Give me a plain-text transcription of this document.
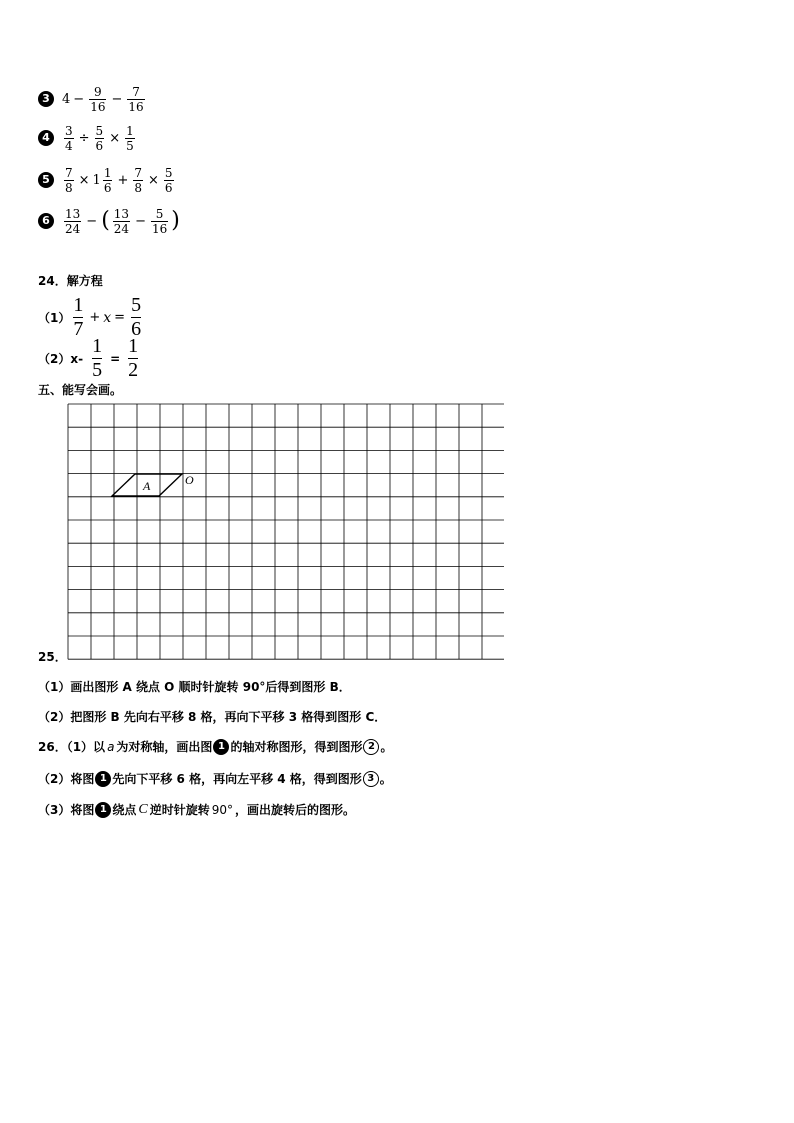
3 $4 - \frac{9}{16} - \frac{7}{16}$
4	$\frac{3}{4} \div \frac{5}{6} \times \frac{1}{5}$
5	$\frac{7}{8} \times 1 \frac{1}{6} + \frac{7}{8} \times \frac{5}{6}$
6	$\frac{13}{24}$ − ( $\frac{13}{24} - \frac{5}{16}$ )
24．解方程
（1）
1
7
+ $x = \frac{5}{6}$
（2） $x- \frac{1}{5} = \frac{1}{2}$
五、能写会画。
A	O
25．
（1）画出图形 A 绕点 O 顺时针旋转 90°后得到图形 B．
（2）把图形 B 先向右平移 8 格，再向下平移 3 格得到图形 C．
26．（1）以 a 为对称轴，画出图 1 的轴对称图形，得到图形 2 。
（2）将图 1 先向下平移 6 格，再向左平移 4 格，得到图形 3 。
（3）将图 1 绕点 C 逆时针旋转 90° ，画出旋转后的图形。
